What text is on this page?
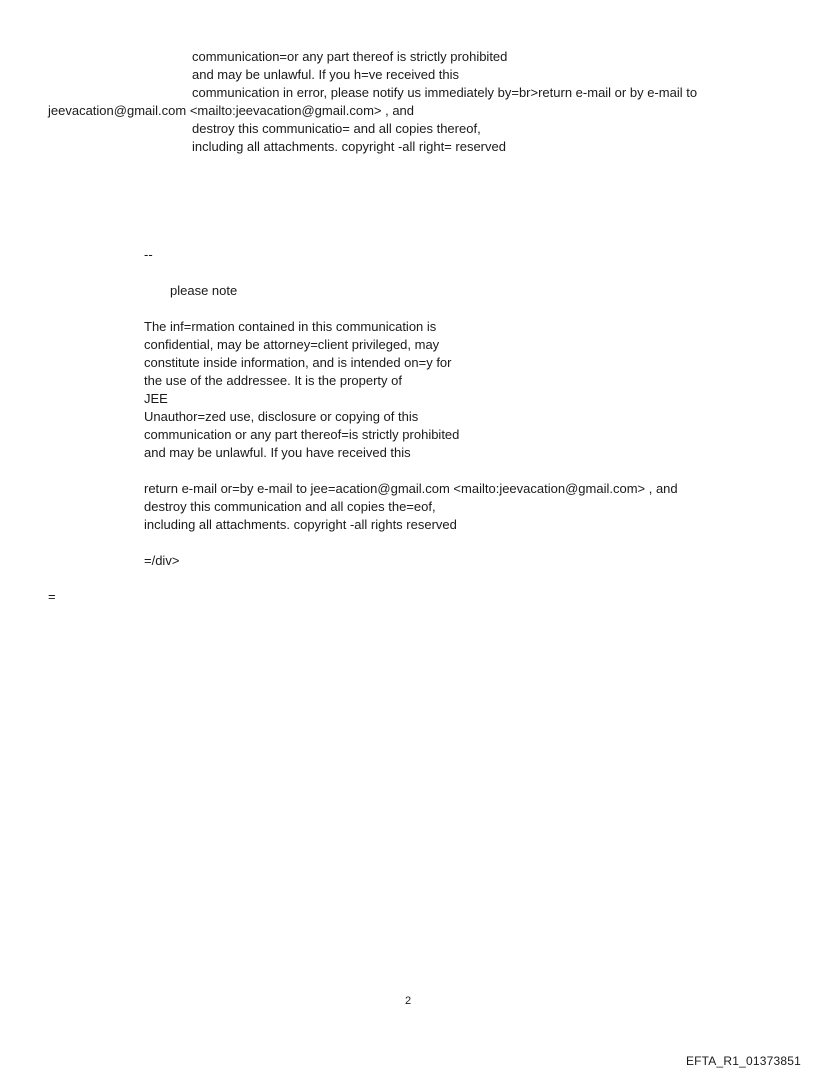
communication=or any part thereof is strictly prohibited
and may be unlawful. If you h=ve received this
communication in error, please notify us immediately by=br>return e-mail or by e-mail to
jeevacation@gmail.com <mailto:jeevacation@gmail.com> , and
destroy this communicatio= and all copies thereof,
including all attachments. copyright -all right= reserved
--
please note
The inf=rmation contained in this communication is
confidential, may be attorney=client privileged, may
constitute inside information, and is intended on=y for
the use of the addressee. It is the property of
JEE
Unauthor=zed use, disclosure or copying of this
communication or any part thereof=is strictly prohibited
and may be unlawful. If you have received this
return e-mail or=by e-mail to jee=acation@gmail.com <mailto:jeevacation@gmail.com> , and
destroy this communication and all copies the=eof,
including all attachments. copyright -all rights reserved
=/div>
=
2
EFTA_R1_01373851
